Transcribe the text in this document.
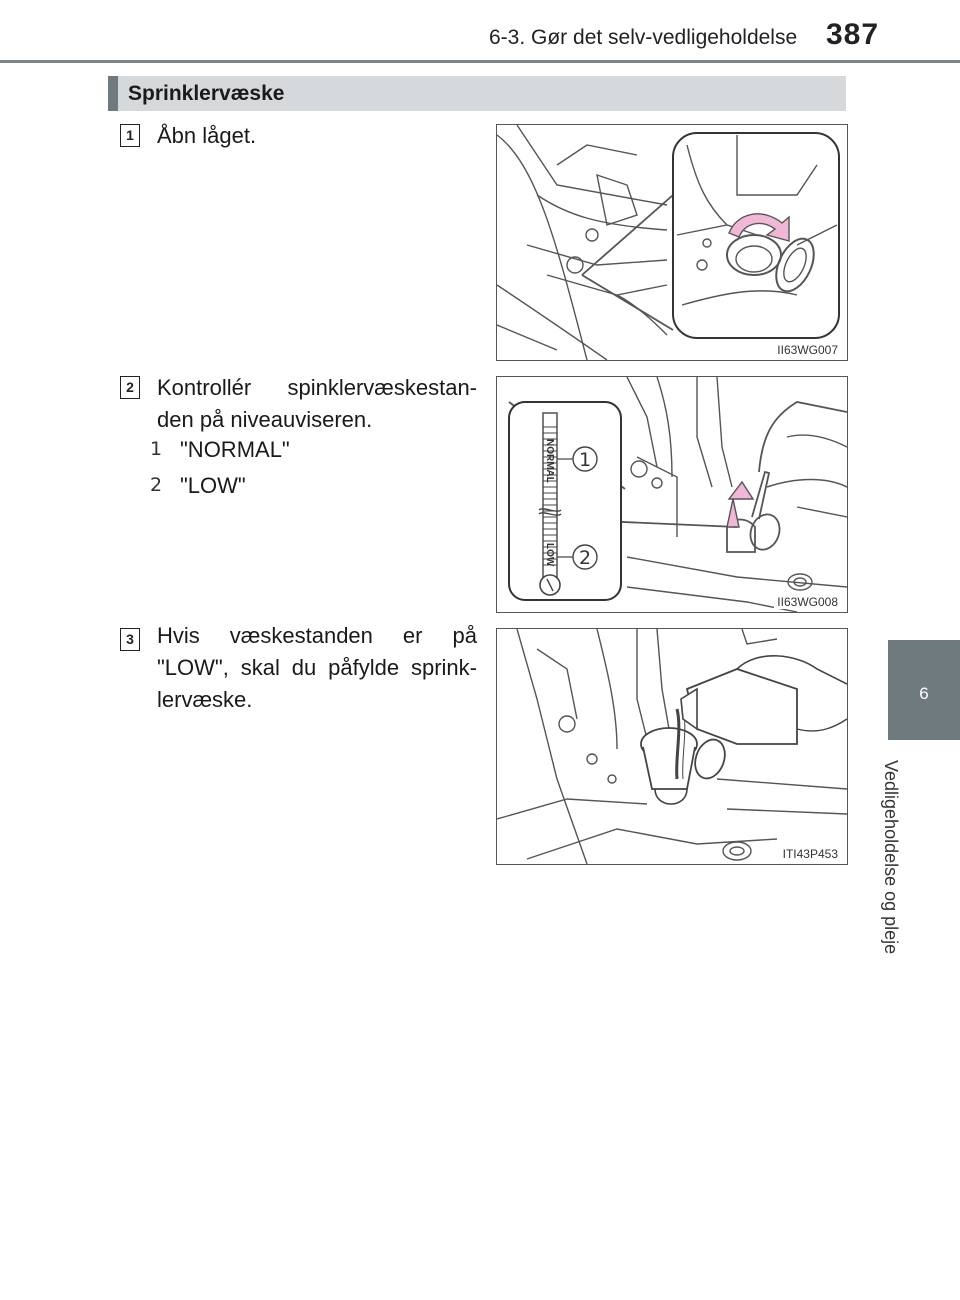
6-3. Gør det selv-vedligeholdelse 387
Sprinklervæske
1 Åbn låget.
II63WG007
2 Kontrollér spinklervæskestan-den på niveauviseren.
1 "NORMAL"
2 "LOW"
NORMAL
LOW
1
2
II63WG008
3 Hvis væskestanden er på "LOW", skal du påfylde sprink-lervæske.
ITI43P453
6
Vedligeholdelse og pleje
